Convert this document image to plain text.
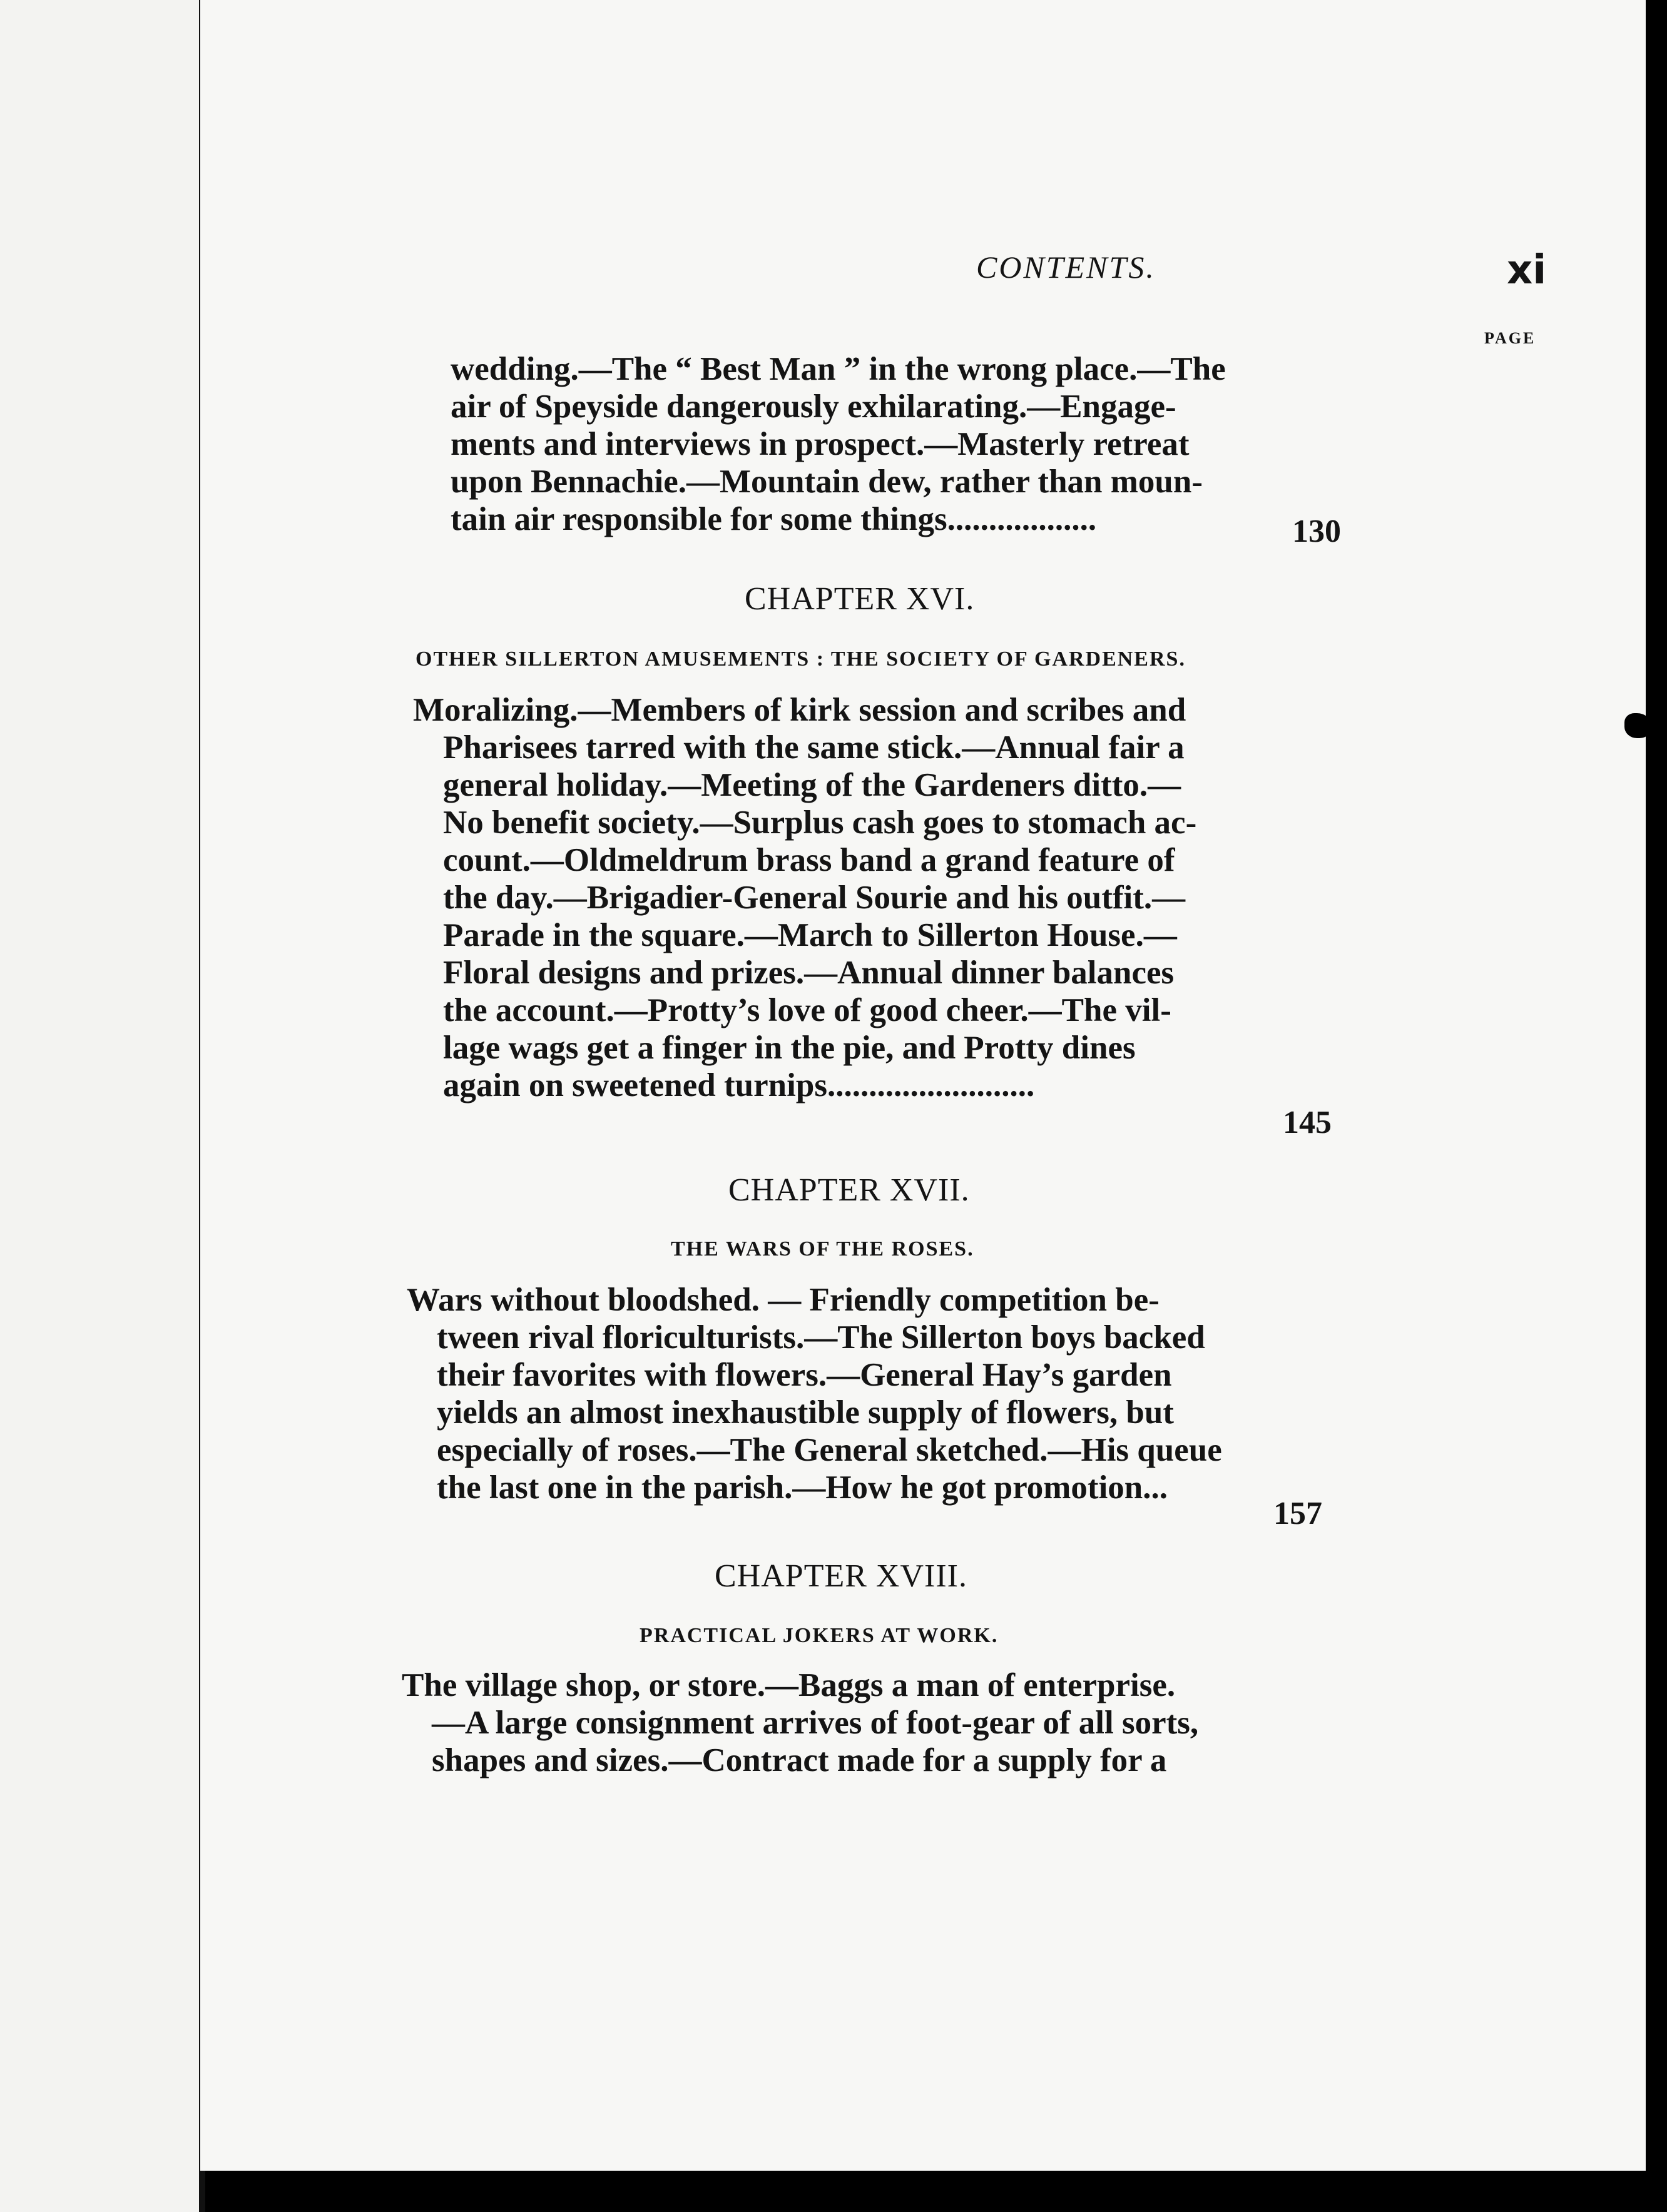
CONTENTS.	xi
PAGE
wedding.—The “ Best Man ” in the wrong place.—The
air of Speyside dangerously exhilarating.—Engage-
ments and interviews in prospect.—Masterly retreat
upon Bennachie.—Mountain dew, rather than moun-
tain air responsible for some things..................	130
CHAPTER XVI.
OTHER SILLERTON AMUSEMENTS : THE SOCIETY OF GARDENERS.
Moralizing.—Members of kirk session and scribes and
Pharisees tarred with the same stick.—Annual fair a
general holiday.—Meeting of the Gardeners ditto.—
No benefit society.—Surplus cash goes to stomach ac-
count.—Oldmeldrum brass band a grand feature of
the day.—Brigadier-General Sourie and his outfit.—
Parade in the square.—March to Sillerton House.—
Floral designs and prizes.—Annual dinner balances
the account.—Protty’s love of good cheer.—The vil-
lage wags get a finger in the pie, and Protty dines
again on sweetened turnips.........................
145
CHAPTER XVII.
THE WARS OF THE ROSES.
Wars without bloodshed. — Friendly competition be-
tween rival floriculturists.—The Sillerton boys backed
their favorites with flowers.—General Hay’s garden
yields an almost inexhaustible supply of flowers, but
especially of roses.—The General sketched.—His queue
the last one in the parish.—How he got promotion...
157
CHAPTER XVIII.
PRACTICAL JOKERS AT WORK.
The village shop, or store.—Baggs a man of enterprise.
—A large consignment arrives of foot-gear of all sorts,
shapes and sizes.—Contract made for a supply for a
